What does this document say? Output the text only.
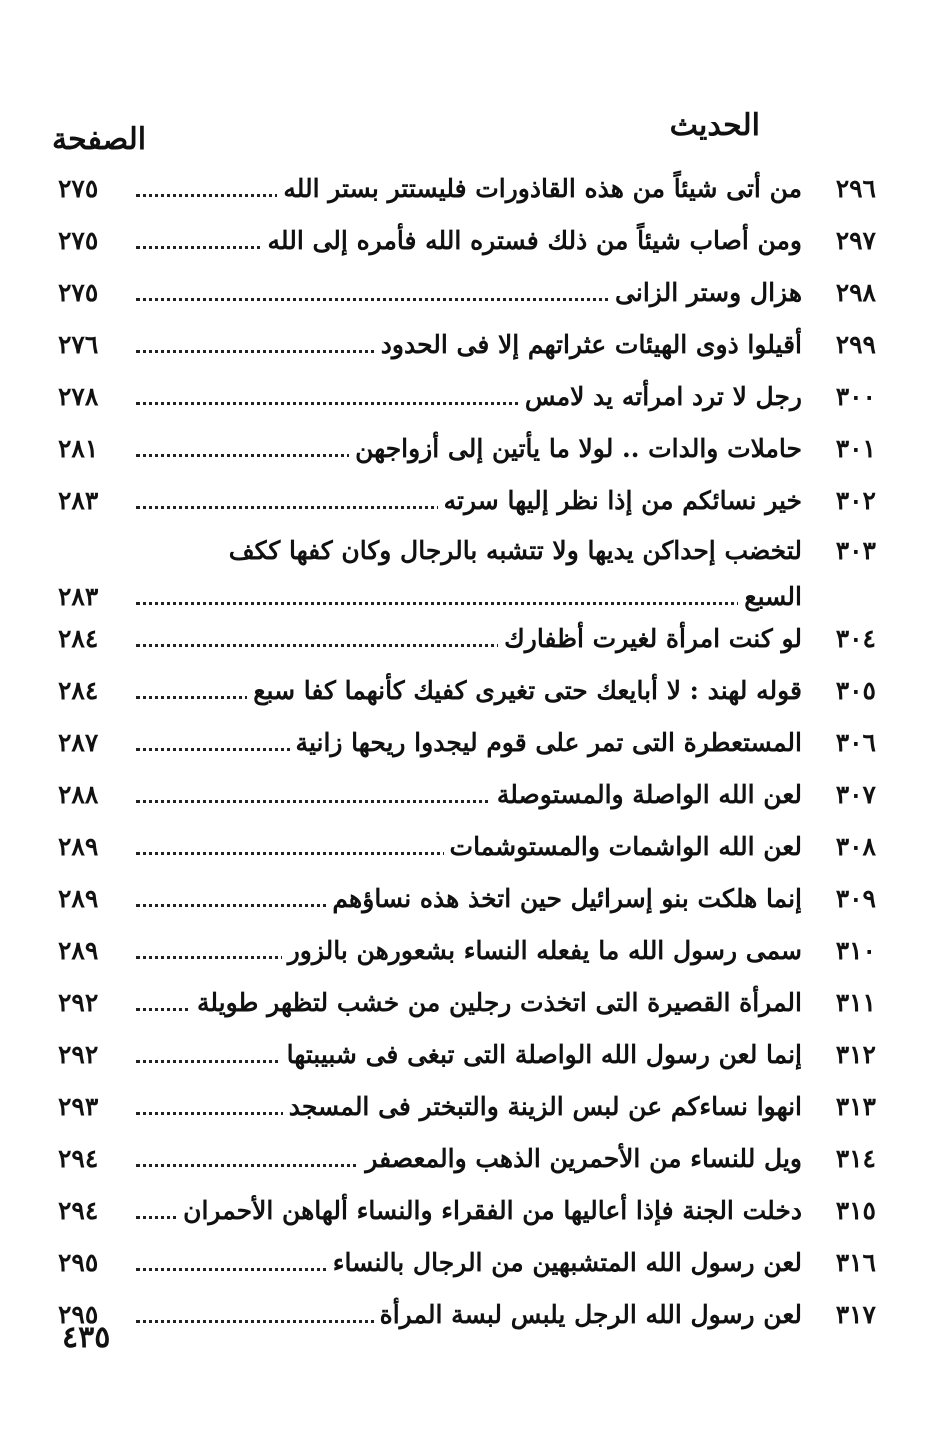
الحديث
الصفحة
٢٩٦
من أتى شيئاً من هذه القاذورات فليستتر بستر الله
٢٧٥
٢٩٧
ومن أصاب شيئاً من ذلك فستره الله فأمره إلى الله
٢٧٥
٢٩٨
هزال وستر الزانى
٢٧٥
٢٩٩
أقيلوا ذوى الهيئات عثراتهم إلا فى الحدود
٢٧٦
٣٠٠
رجل لا ترد امرأته يد لامس
٢٧٨
٣٠١
حاملات والدات .. لولا ما يأتين إلى أزواجهن
٢٨١
٣٠٢
خير نسائكم من إذا نظر إليها سرته
٢٨٣
٣٠٣
لتخضب إحداكن يديها ولا تتشبه بالرجال وكان كفها ككف
السبع
٢٨٣
٣٠٤
لو كنت امرأة لغيرت أظفارك
٢٨٤
٣٠٥
قوله لهند : لا أبايعك حتى تغيرى كفيك كأنهما كفا سبع
٢٨٤
٣٠٦
المستعطرة التى تمر على قوم ليجدوا ريحها زانية
٢٨٧
٣٠٧
لعن الله الواصلة والمستوصلة
٢٨٨
٣٠٨
لعن الله الواشمات والمستوشمات
٢٨٩
٣٠٩
إنما هلكت بنو إسرائيل حين اتخذ هذه نساؤهم
٢٨٩
٣١٠
سمى رسول الله ما يفعله النساء بشعورهن بالزور
٢٨٩
٣١١
المرأة القصيرة التى اتخذت رجلين من خشب لتظهر طويلة
٢٩٢
٣١٢
إنما لعن رسول الله الواصلة التى تبغى فى شبيبتها
٢٩٢
٣١٣
انهوا نساءكم عن لبس الزينة والتبختر فى المسجد
٢٩٣
٣١٤
ويل للنساء من الأحمرين الذهب والمعصفر
٢٩٤
٣١٥
دخلت الجنة فإذا أعاليها من الفقراء والنساء ألهاهن الأحمران
٢٩٤
٣١٦
لعن رسول الله المتشبهين من الرجال بالنساء
٢٩٥
٣١٧
لعن رسول الله الرجل يلبس لبسة المرأة
٢٩٥
٤٣٥
